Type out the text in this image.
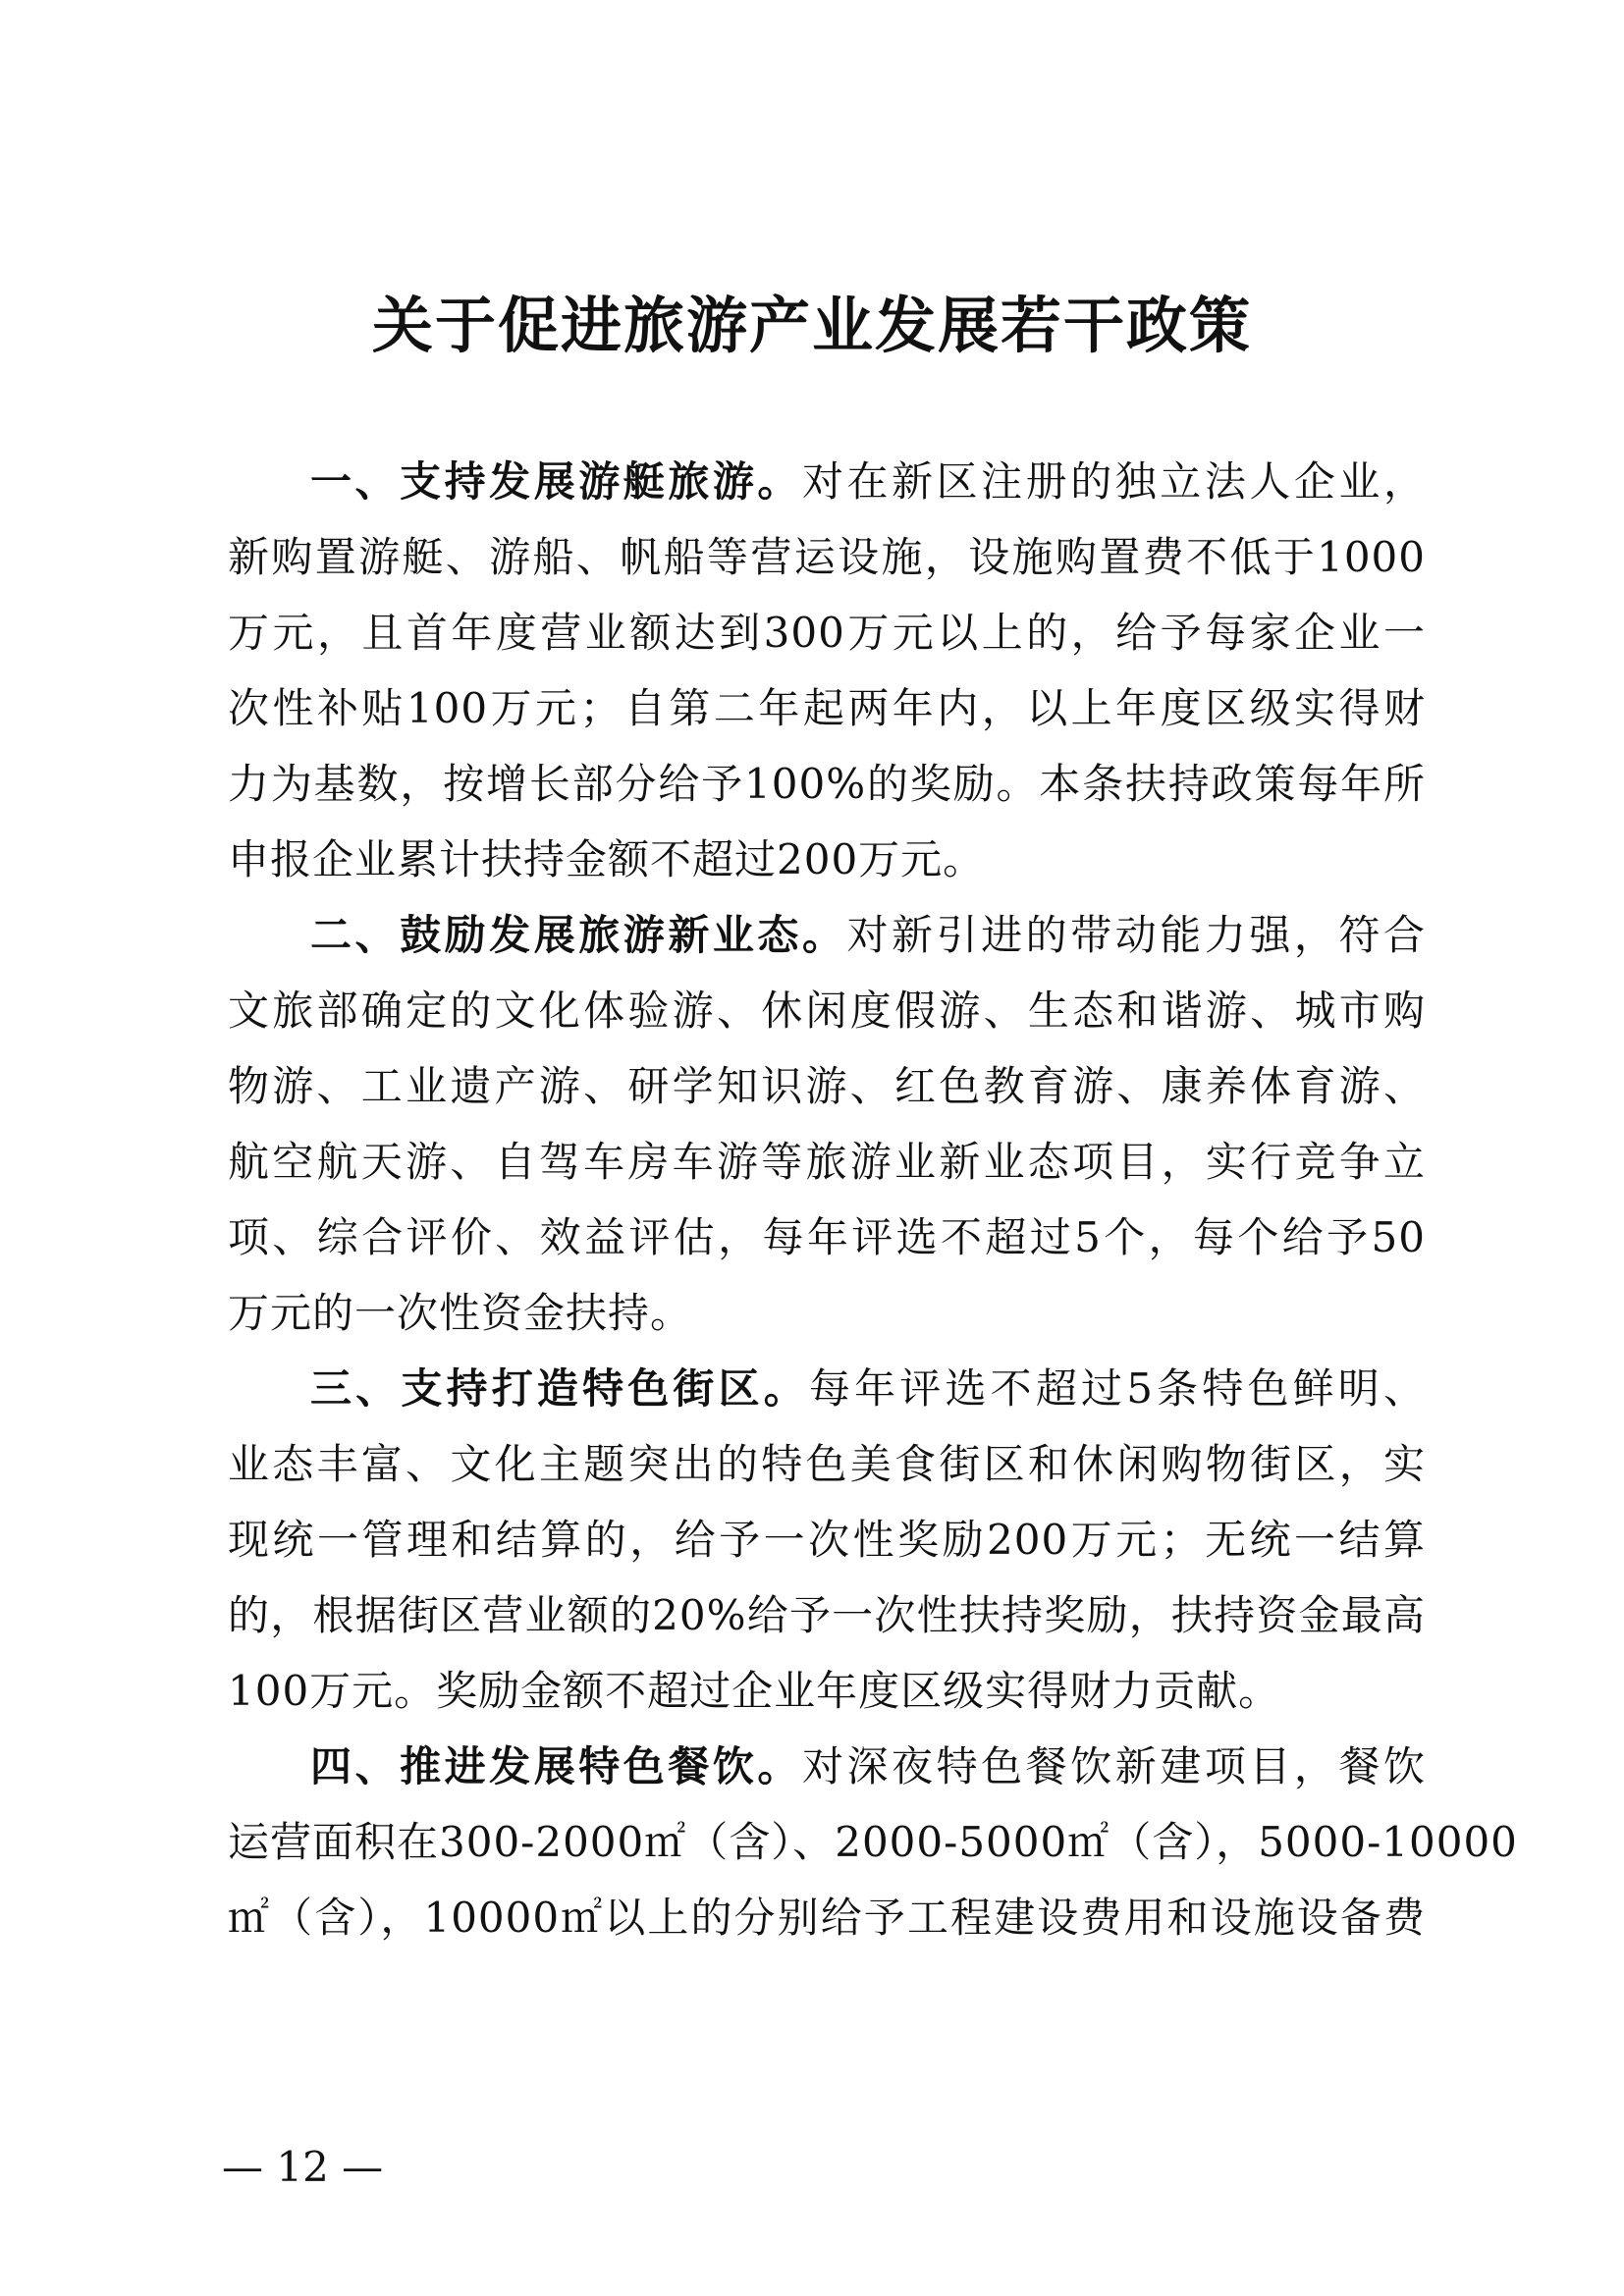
关于促进旅游产业发展若干政策
一、支持发展游艇旅游。对在新区注册的独立法人企业，
新购置游艇、游船、帆船等营运设施，设施购置费不低于1000
万元，且首年度营业额达到300万元以上的，给予每家企业一
次性补贴100万元；自第二年起两年内，以上年度区级实得财
力为基数，按增长部分给予100%的奖励。本条扶持政策每年所
申报企业累计扶持金额不超过200万元。
二、鼓励发展旅游新业态。对新引进的带动能力强，符合
文旅部确定的文化体验游、休闲度假游、生态和谐游、城市购
物游、工业遗产游、研学知识游、红色教育游、康养体育游、
航空航天游、自驾车房车游等旅游业新业态项目，实行竞争立
项、综合评价、效益评估，每年评选不超过5个，每个给予50
万元的一次性资金扶持。
三、支持打造特色街区。每年评选不超过5条特色鲜明、
业态丰富、文化主题突出的特色美食街区和休闲购物街区，实
现统一管理和结算的，给予一次性奖励200万元；无统一结算
的，根据街区营业额的20%给予一次性扶持奖励，扶持资金最高
100万元。奖励金额不超过企业年度区级实得财力贡献。
四、推进发展特色餐饮。对深夜特色餐饮新建项目，餐饮
运营面积在300-2000㎡（含）、2000-5000㎡（含），5000-10000
㎡（含），10000㎡以上的分别给予工程建设费用和设施设备费
— 12 —
